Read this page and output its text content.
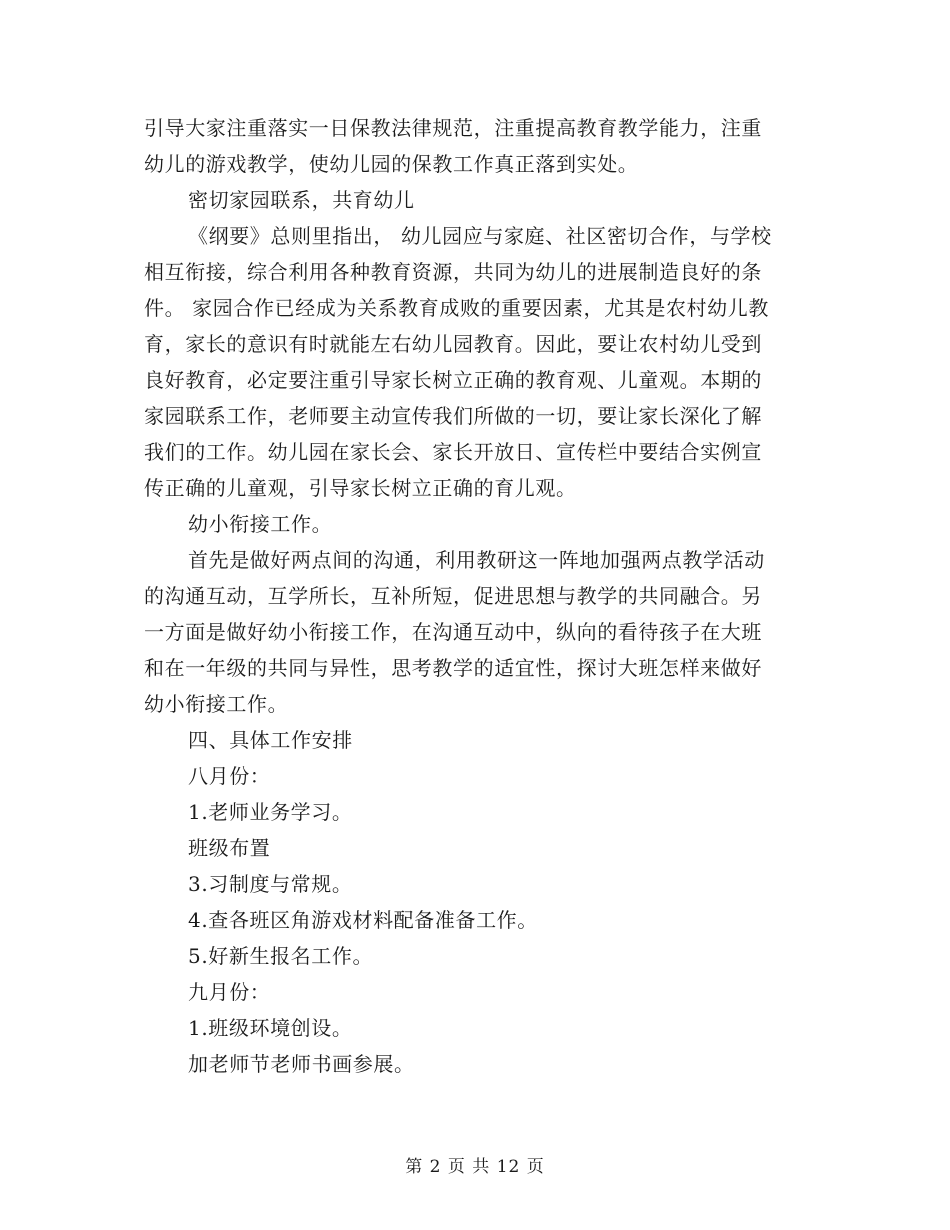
引导大家注重落实一日保教法律规范，注重提高教育教学能力，注重

幼儿的游戏教学，使幼儿园的保教工作真正落到实处。

密切家园联系，共育幼儿

《纲要》总则里指出， 幼儿园应与家庭、社区密切合作，与学校

相互衔接，综合利用各种教育资源，共同为幼儿的进展制造良好的条

件。 家园合作已经成为关系教育成败的重要因素，尤其是农村幼儿教

育，家长的意识有时就能左右幼儿园教育。因此，要让农村幼儿受到

良好教育，必定要注重引导家长树立正确的教育观、儿童观。本期的

家园联系工作，老师要主动宣传我们所做的一切，要让家长深化了解

我们的工作。幼儿园在家长会、家长开放日、宣传栏中要结合实例宣

传正确的儿童观，引导家长树立正确的育儿观。

幼小衔接工作。

首先是做好两点间的沟通，利用教研这一阵地加强两点教学活动

的沟通互动，互学所长，互补所短，促进思想与教学的共同融合。另

一方面是做好幼小衔接工作，在沟通互动中，纵向的看待孩子在大班

和在一年级的共同与异性，思考教学的适宜性，探讨大班怎样来做好

幼小衔接工作。

四、具体工作安排

八月份：

1.老师业务学习。

班级布置

3.习制度与常规。

4.查各班区角游戏材料配备准备工作。

5.好新生报名工作。

九月份：

1.班级环境创设。

加老师节老师书画参展。

第 2 页 共 12 页
